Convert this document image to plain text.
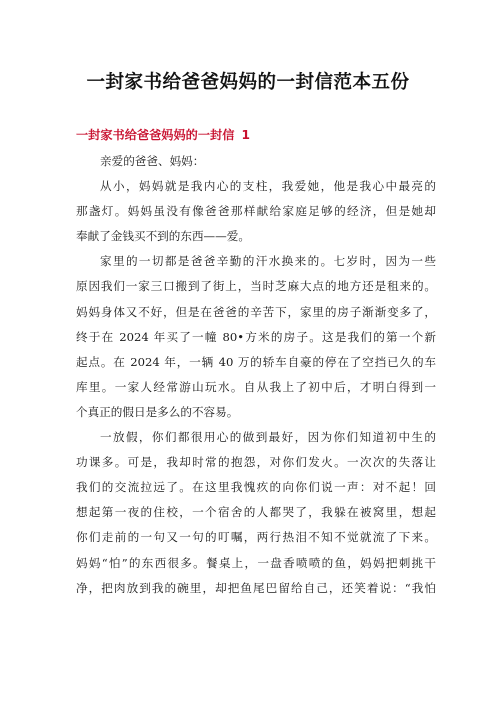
一封家书给爸爸妈妈的一封信范本五份
一封家书给爸爸妈妈的一封信 1
亲爱的爸爸、妈妈：
从小，妈妈就是我内心的支柱，我爱她，他是我心中最亮的
那盏灯。妈妈虽没有像爸爸那样献给家庭足够的经济，但是她却
奉献了金钱买不到的东西——爱。
家里的一切都是爸爸辛勤的汗水换来的。七岁时，因为一些
原因我们一家三口搬到了街上，当时芝麻大点的地方还是租来的。
妈妈身体又不好，但是在爸爸的辛苦下，家里的房子渐渐变多了，
终于在 2024 年买了一幢 80•方米的房子。这是我们的第一个新
起点。在 2024 年，一辆 40 万的轿车自豪的停在了空挡已久的车
库里。一家人经常游山玩水。自从我上了初中后，才明白得到一
个真正的假日是多么的不容易。
一放假，你们都很用心的做到最好，因为你们知道初中生的
功课多。可是，我却时常的抱怨，对你们发火。一次次的失落让
我们的交流拉远了。在这里我愧疚的向你们说一声：对不起！回
想起第一夜的住校，一个宿舍的人都哭了，我躲在被窝里，想起
你们走前的一句又一句的叮嘱，两行热泪不知不觉就流了下来。
妈妈“怕”的东西很多。餐桌上，一盘香喷喷的鱼，妈妈把刺挑干
净，把肉放到我的碗里，却把鱼尾巴留给自己，还笑着说：“我怕
